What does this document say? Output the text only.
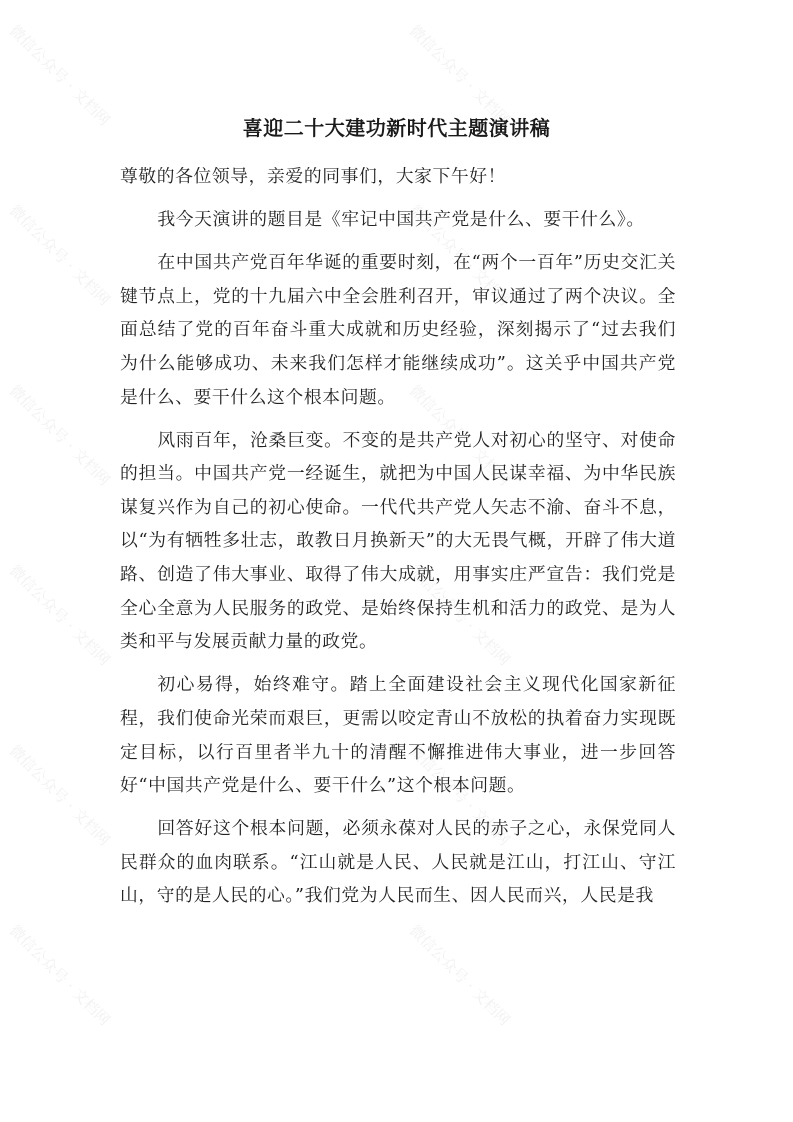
微信公众号 · 文档网	微信公众号 · 文档网
微信公众号 · 文档网	微信公众号 · 文档网
微信公众号 · 文档网	微信公众号 · 文档网
微信公众号 · 文档网	微信公众号 · 文档网
微信公众号 · 文档网	微信公众号 · 文档网
微信公众号 · 文档网	微信公众号 · 文档网
喜迎二十大建功新时代主题演讲稿

尊敬的各位领导，亲爱的同事们，大家下午好！

我今天演讲的题目是《牢记中国共产党是什么、要干什么》。

在中国共产党百年华诞的重要时刻，在“两个一百年”历史交汇关键节点上，党的十九届六中全会胜利召开，审议通过了两个决议。全面总结了党的百年奋斗重大成就和历史经验，深刻揭示了“过去我们为什么能够成功、未来我们怎样才能继续成功”。这关乎中国共产党是什么、要干什么这个根本问题。

风雨百年，沧桑巨变。不变的是共产党人对初心的坚守、对使命的担当。中国共产党一经诞生，就把为中国人民谋幸福、为中华民族谋复兴作为自己的初心使命。一代代共产党人矢志不渝、奋斗不息，以“为有牺牲多壮志，敢教日月换新天”的大无畏气概，开辟了伟大道路、创造了伟大事业、取得了伟大成就，用事实庄严宣告：我们党是全心全意为人民服务的政党、是始终保持生机和活力的政党、是为人类和平与发展贡献力量的政党。

初心易得，始终难守。踏上全面建设社会主义现代化国家新征程，我们使命光荣而艰巨，更需以咬定青山不放松的执着奋力实现既定目标，以行百里者半九十的清醒不懈推进伟大事业，进一步回答好“中国共产党是什么、要干什么”这个根本问题。

回答好这个根本问题，必须永葆对人民的赤子之心，永保党同人民群众的血肉联系。“江山就是人民、人民就是江山，打江山、守江山，守的是人民的心。”我们党为人民而生、因人民而兴，人民是我
